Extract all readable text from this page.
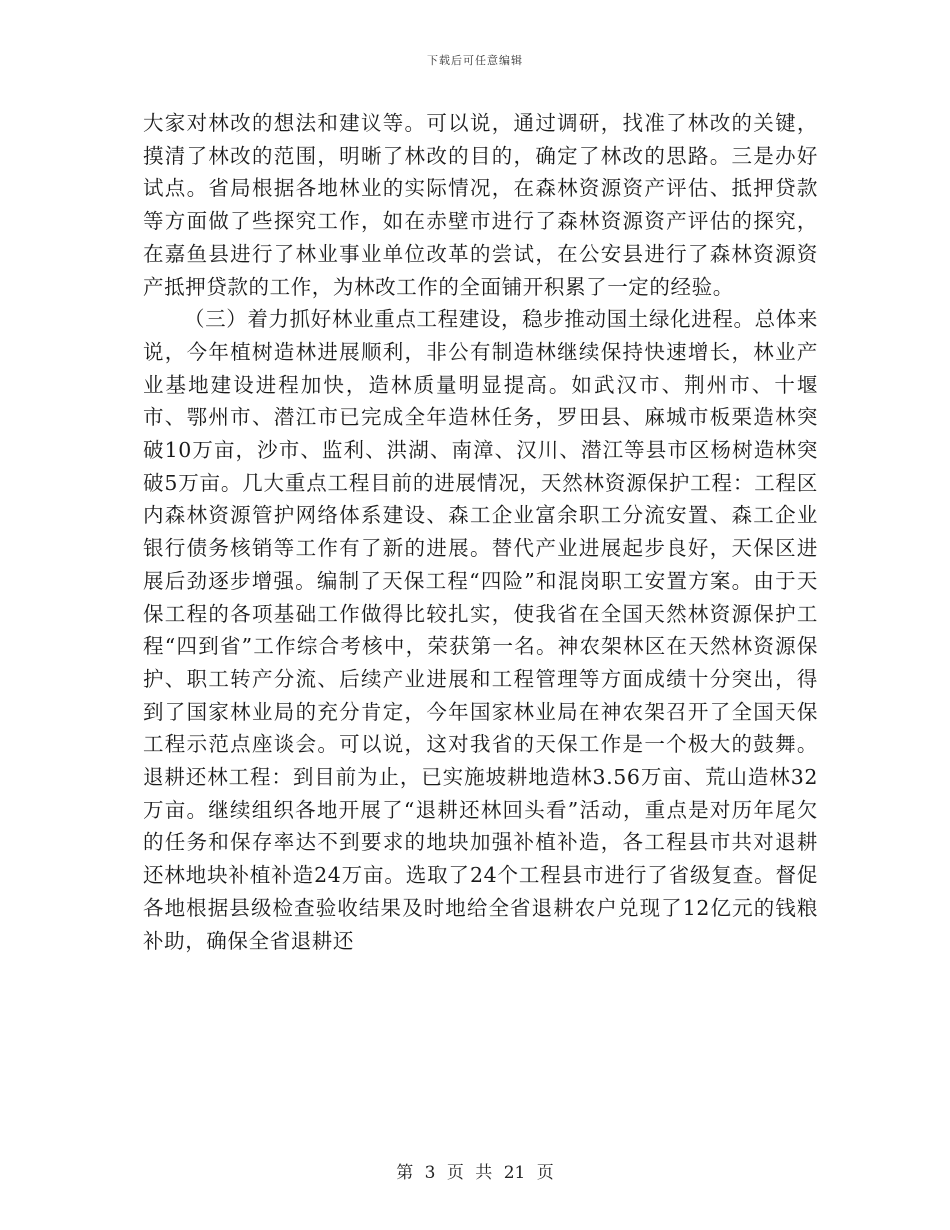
下载后可任意编辑

大家对林改的想法和建议等。可以说，通过调研，找准了林改的关键，摸清了林改的范围，明晰了林改的目的，确定了林改的思路。三是办好试点。省局根据各地林业的实际情况，在森林资源资产评估、抵押贷款等方面做了些探究工作，如在赤壁市进行了森林资源资产评估的探究，在嘉鱼县进行了林业事业单位改革的尝试，在公安县进行了森林资源资产抵押贷款的工作，为林改工作的全面铺开积累了一定的经验。

（三）着力抓好林业重点工程建设，稳步推动国土绿化进程。总体来说，今年植树造林进展顺利，非公有制造林继续保持快速增长，林业产业基地建设进程加快，造林质量明显提高。如武汉市、荆州市、十堰市、鄂州市、潜江市已完成全年造林任务，罗田县、麻城市板栗造林突破10万亩，沙市、监利、洪湖、南漳、汉川、潜江等县市区杨树造林突破5万亩。几大重点工程目前的进展情况，天然林资源保护工程：工程区内森林资源管护网络体系建设、森工企业富余职工分流安置、森工企业银行债务核销等工作有了新的进展。替代产业进展起步良好，天保区进展后劲逐步增强。编制了天保工程“四险”和混岗职工安置方案。由于天保工程的各项基础工作做得比较扎实，使我省在全国天然林资源保护工程“四到省”工作综合考核中，荣获第一名。神农架林区在天然林资源保护、职工转产分流、后续产业进展和工程管理等方面成绩十分突出，得到了国家林业局的充分肯定，今年国家林业局在神农架召开了全国天保工程示范点座谈会。可以说，这对我省的天保工作是一个极大的鼓舞。退耕还林工程：到目前为止，已实施坡耕地造林3.56万亩、荒山造林32万亩。继续组织各地开展了“退耕还林回头看”活动，重点是对历年尾欠的任务和保存率达不到要求的地块加强补植补造，各工程县市共对退耕还林地块补植补造24万亩。选取了24个工程县市进行了省级复查。督促各地根据县级检查验收结果及时地给全省退耕农户兑现了12亿元的钱粮补助，确保全省退耕还

第 3 页 共 21 页
